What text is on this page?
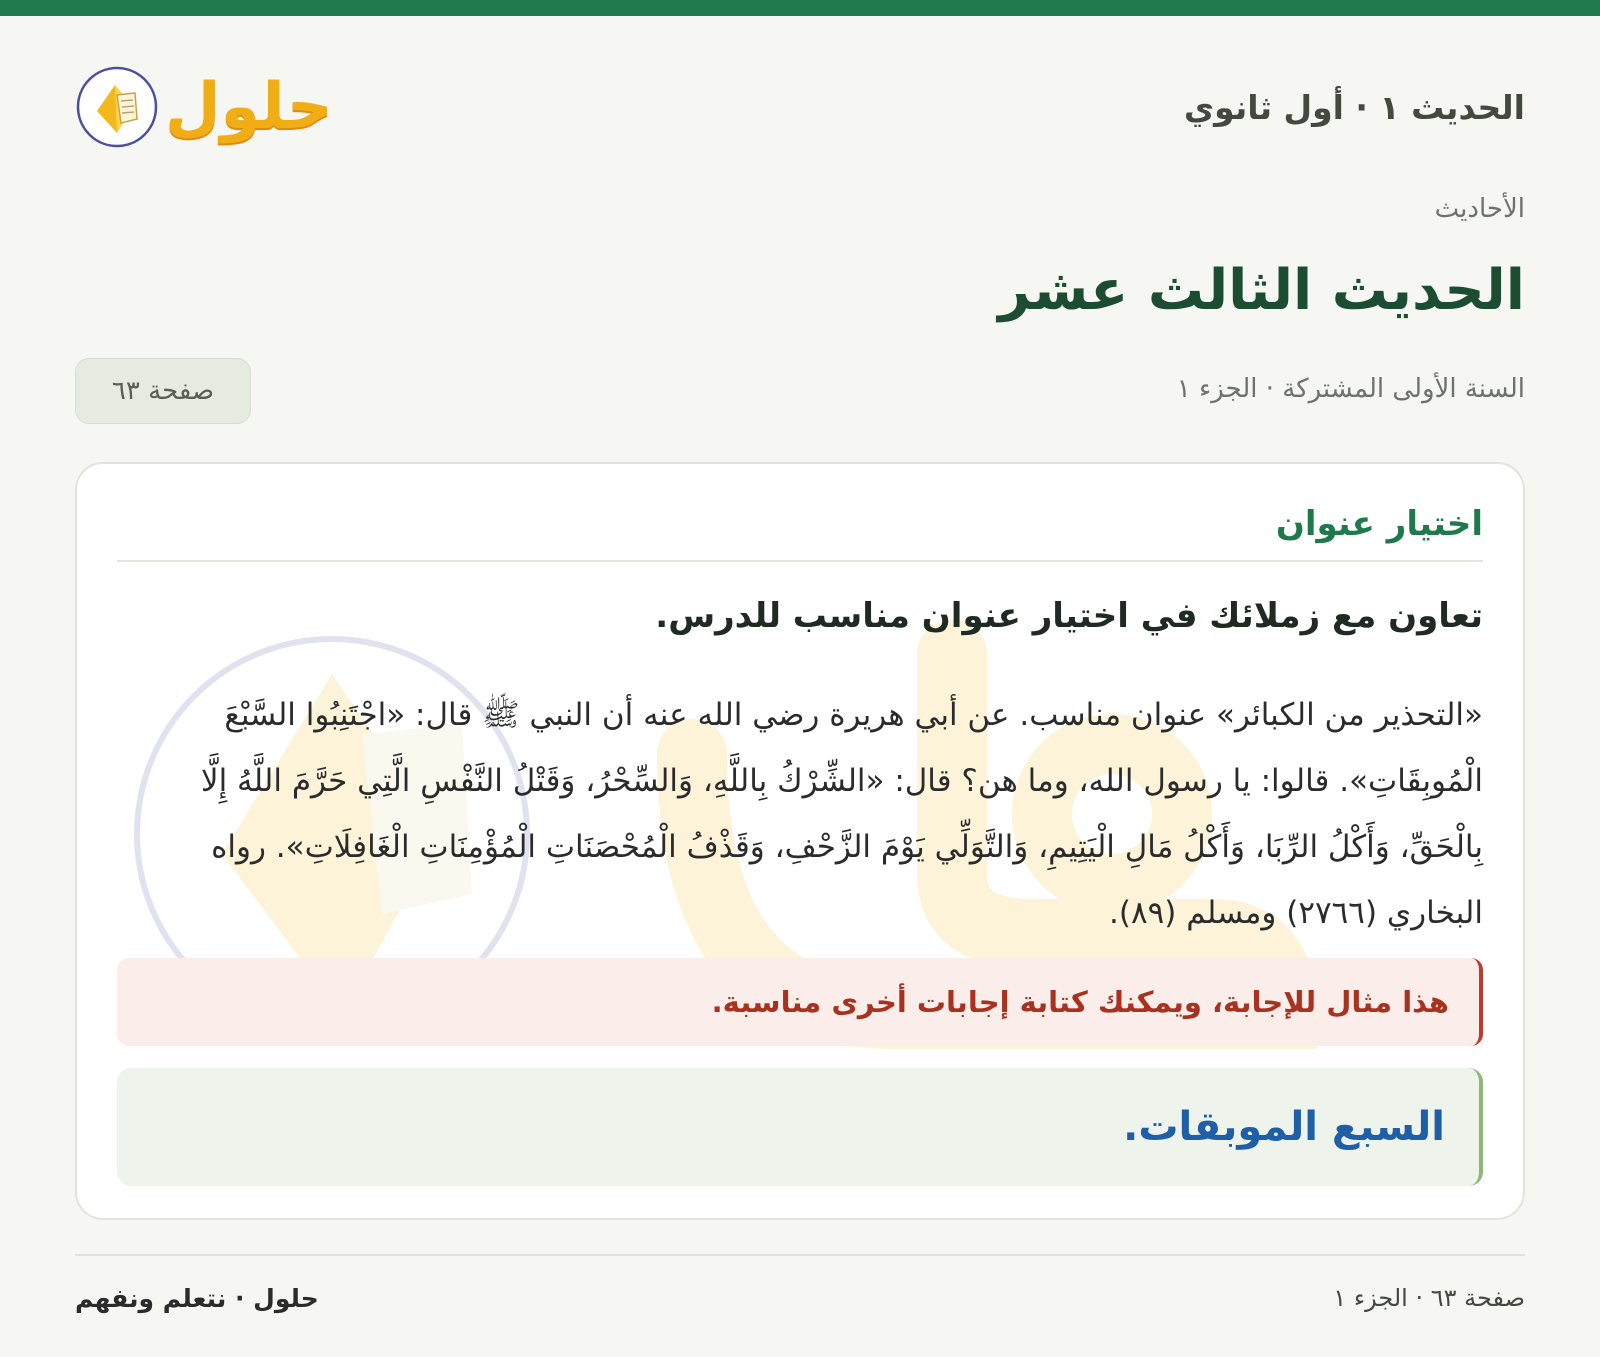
الحديث ١ · أول ثانوي
حلول
الأحاديث
الحديث الثالث عشر
السنة الأولى المشتركة · الجزء ١
صفحة ٦٣
اختيار عنوان
تعاون مع زملائك في اختيار عنوان مناسب للدرس.

«التحذير من الكبائر» عنوان مناسب. عن أبي هريرة رضي الله عنه أن النبي ﷺ قال: «اجْتَنِبُوا السَّبْعَ الْمُوبِقَاتِ». قالوا: يا رسول الله، وما هن؟ قال: «الشِّرْكُ بِاللَّهِ، وَالسِّحْرُ، وَقَتْلُ النَّفْسِ الَّتِي حَرَّمَ اللَّهُ إِلَّا بِالْحَقِّ، وَأَكْلُ الرِّبَا، وَأَكْلُ مَالِ الْيَتِيمِ، وَالتَّوَلِّي يَوْمَ الزَّحْفِ، وَقَذْفُ الْمُحْصَنَاتِ الْمُؤْمِنَاتِ الْغَافِلَاتِ». رواه البخاري (٢٧٦٦) ومسلم (٨٩).

هذا مثال للإجابة، ويمكنك كتابة إجابات أخرى مناسبة.
السبع الموبقات.
صفحة ٦٣ · الجزء ١
حلول · نتعلم ونفهم
